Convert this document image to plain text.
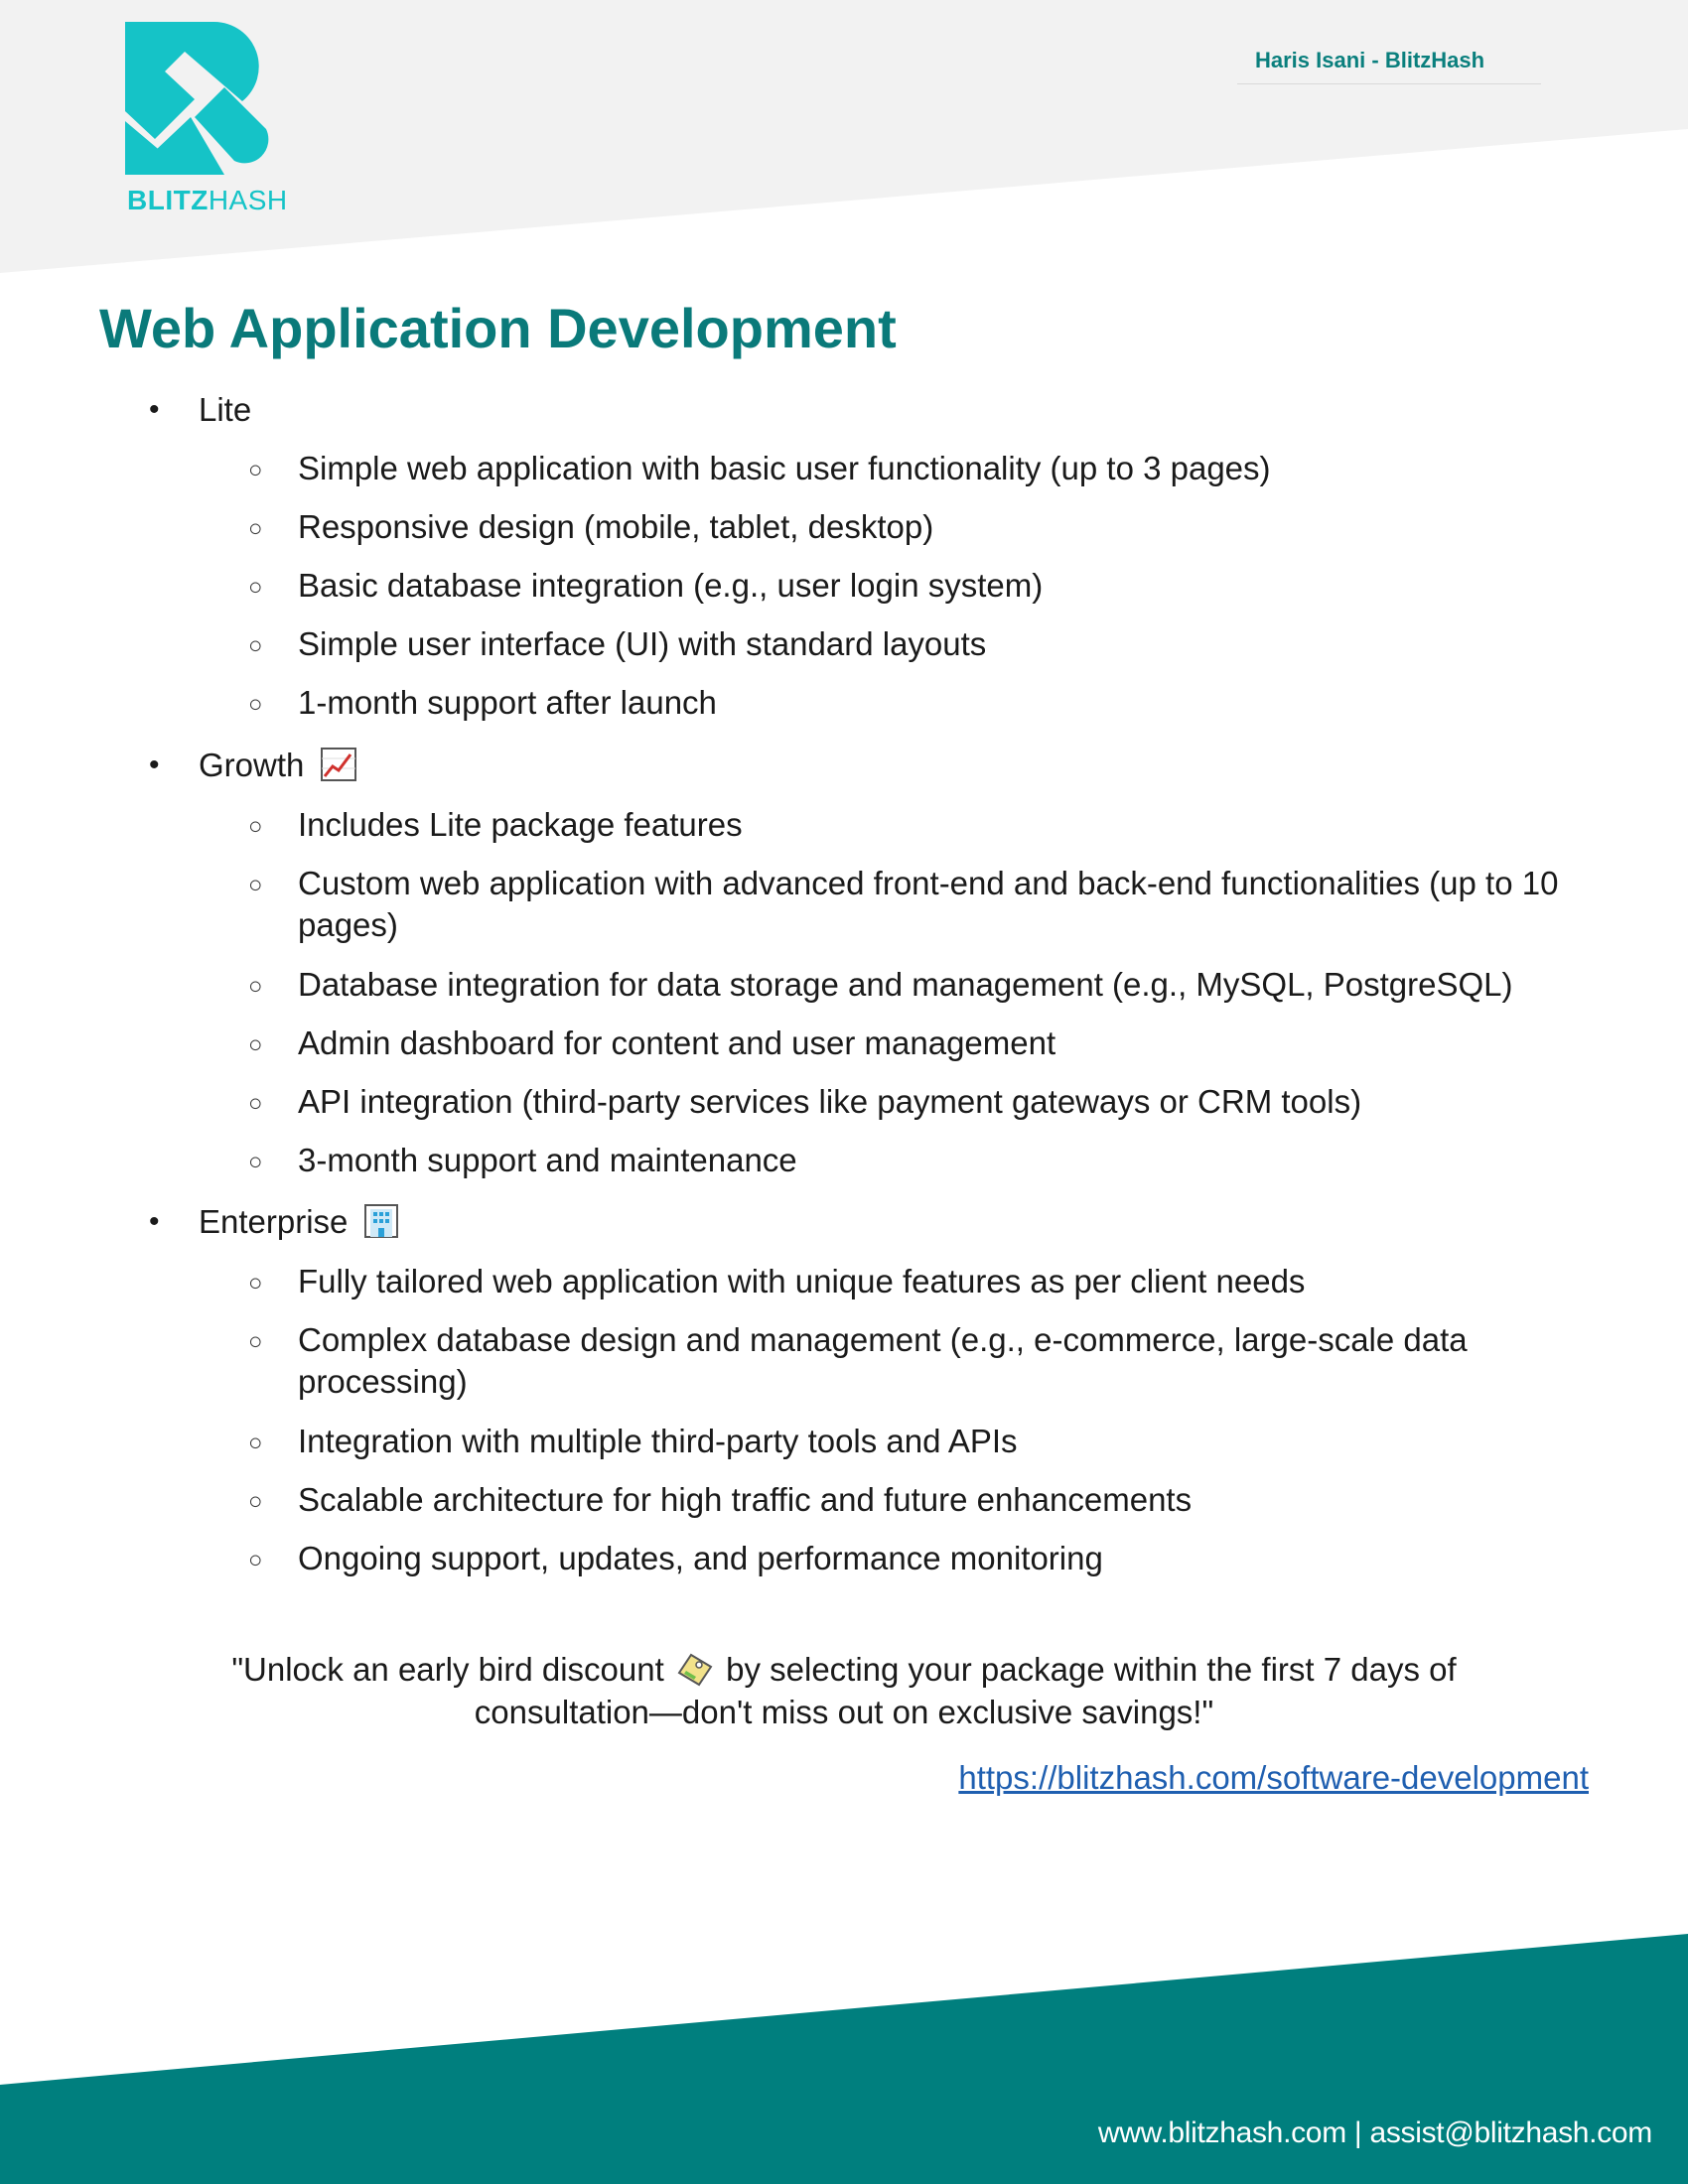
BLITZHASH
Haris Isani - BlitzHash
Web Application Development
• Lite
○ Simple web application with basic user functionality (up to 3 pages)
○ Responsive design (mobile, tablet, desktop)
○ Basic database integration (e.g., user login system)
○ Simple user interface (UI) with standard layouts
○ 1-month support after launch
• Growth
○ Includes Lite package features
○ Custom web application with advanced front-end and back-end functionalities (up to 10 pages)
○ Database integration for data storage and management (e.g., MySQL, PostgreSQL)
○ Admin dashboard for content and user management
○ API integration (third-party services like payment gateways or CRM tools)
○ 3-month support and maintenance
• Enterprise
○ Fully tailored web application with unique features as per client needs
○ Complex database design and management (e.g., e-commerce, large-scale data processing)
○ Integration with multiple third-party tools and APIs
○ Scalable architecture for high traffic and future enhancements
○ Ongoing support, updates, and performance monitoring
"Unlock an early bird discount by selecting your package within the first 7 days of consultation—don't miss out on exclusive savings!"
https://blitzhash.com/software-development
www.blitzhash.com | assist@blitzhash.com
